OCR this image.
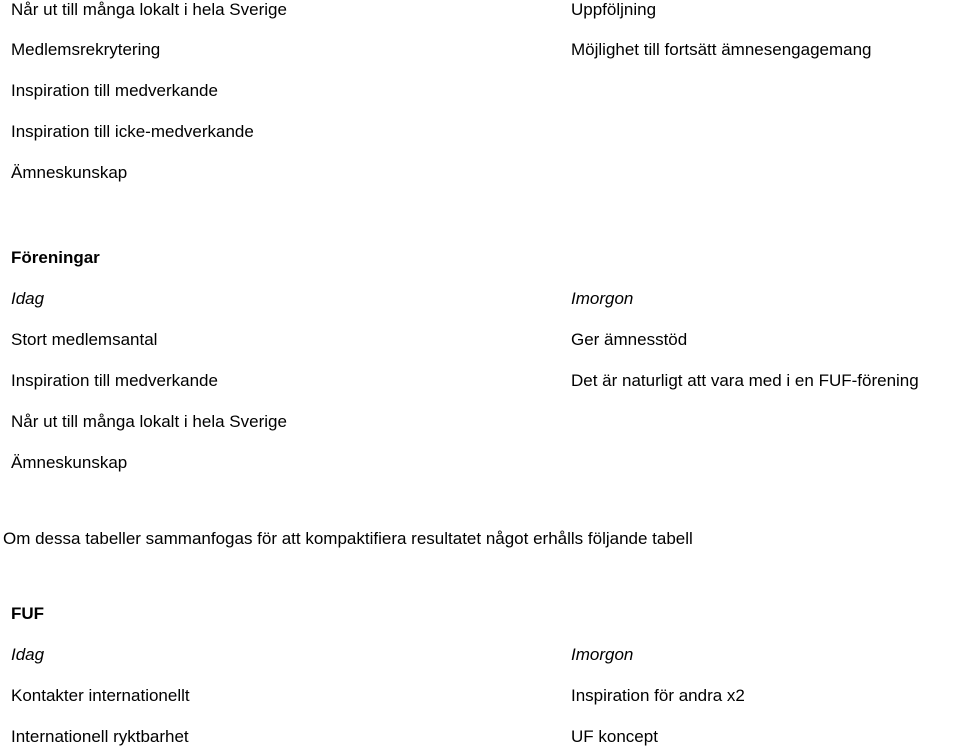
Når ut till många lokalt i hela Sverige
Medlemsrekrytering
Inspiration till medverkande
Inspiration till icke-medverkande
Ämneskunskap
Uppföljning
Möjlighet till fortsätt ämnesengagemang
Föreningar
Idag	Imorgon
Stort medlemsantal
Inspiration till medverkande
Når ut till många lokalt i hela Sverige
Ämneskunskap
Ger ämnesstöd
Det är naturligt att vara med i en FUF-förening
Om dessa tabeller sammanfogas för att kompaktifiera resultatet något erhålls följande tabell
FUF
Idag	Imorgon
Kontakter internationellt
Internationell ryktbarhet
Inspiration för andra x2
UF koncept
